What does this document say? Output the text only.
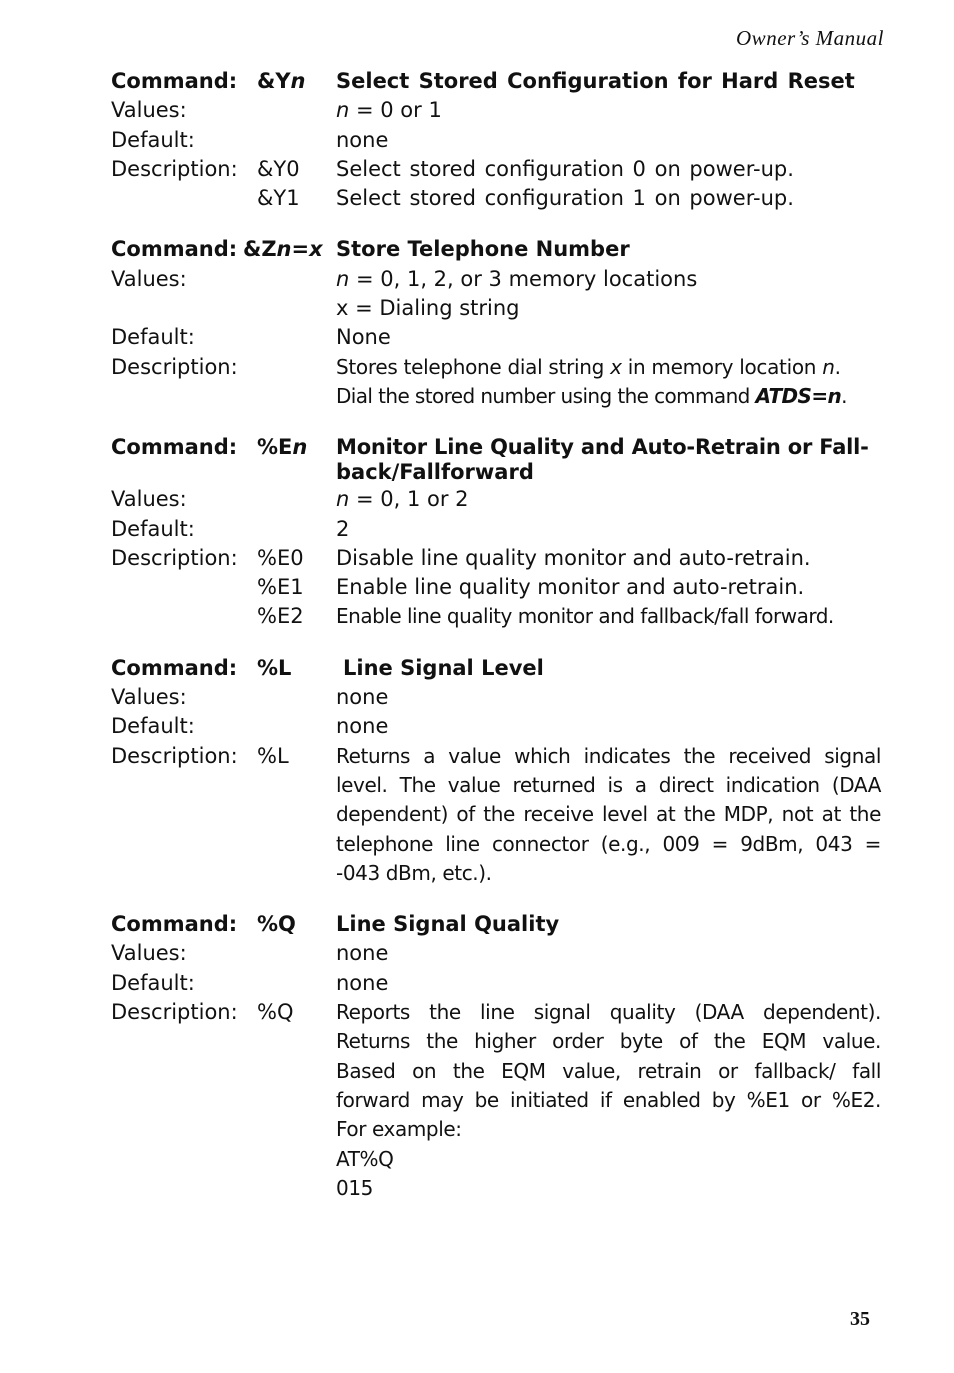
Owner’s Manual
Command: &Yn	Select Stored Configuration for Hard Reset
Values:	n = 0 or 1
Default:	none
Description: &Y0	Select stored configuration 0 on power-up.
&Y1	Select stored configuration 1 on power-up.
Command: &Zn=x Store Telephone Number
Values:	n = 0, 1, 2, or 3 memory locations
x = Dialing string
Default:	None
Description:	Stores telephone dial string x in memory location n.
Dial the stored number using the command ATDS=n.
Command: %En	Monitor Line Quality and Auto-Retrain or Fall-
back/Fallforward
Values:	n = 0, 1 or 2
Default:	2
Description: %E0	Disable line quality monitor and auto-retrain.
%E1	Enable line quality monitor and auto-retrain.
%E2	Enable line quality monitor and fallback/fall forward.
Command: %L	Line Signal Level
Values:	none
Default:	none
Description: %L	Returns a value which indicates the received signal
level. The value returned is a direct indication (DAA
dependent) of the receive level at the MDP, not at the
telephone line connector (e.g., 009 = 9dBm, 043 =
-043 dBm, etc.).
Command: %Q	Line Signal Quality
Values:	none
Default:	none
Description: %Q	Reports the line signal quality (DAA dependent).
Returns the higher order byte of the EQM value.
Based on the EQM value, retrain or fallback/ fall
forward may be initiated if enabled by %E1 or %E2.
For example:
AT%Q
015
35
